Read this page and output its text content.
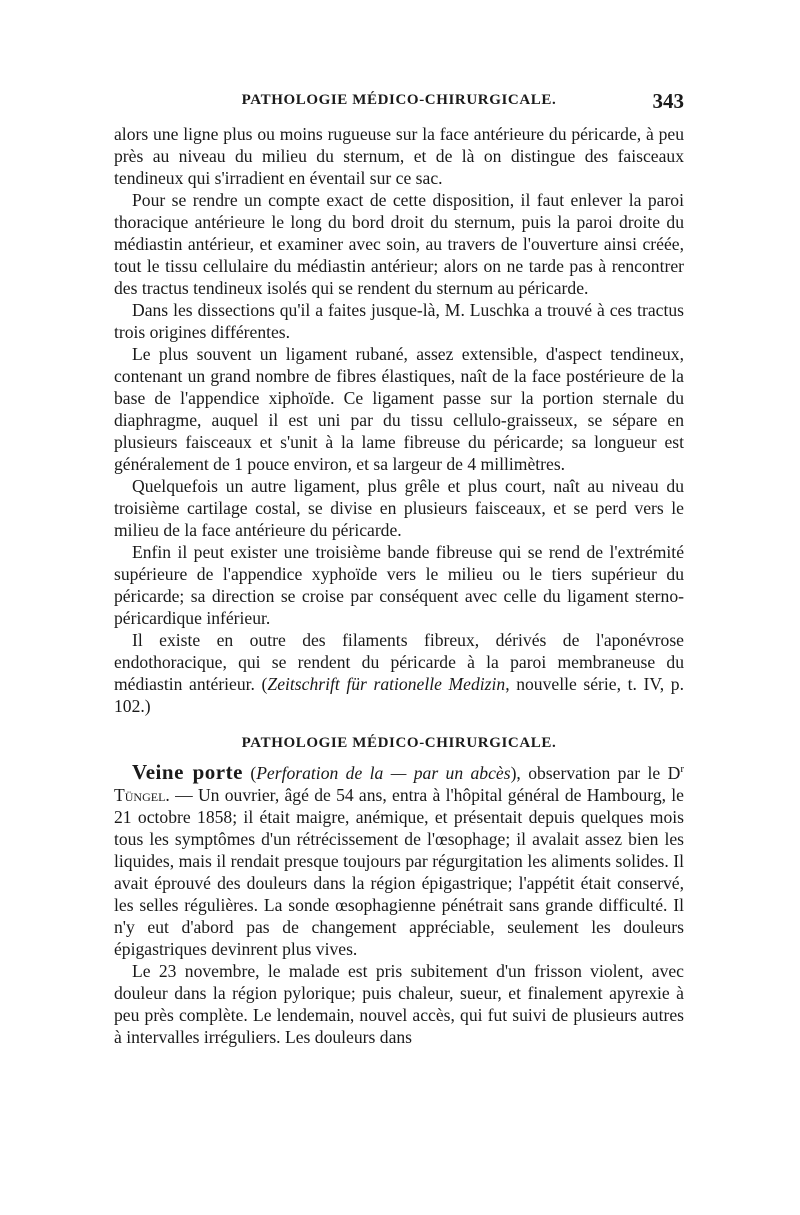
PATHOLOGIE MÉDICO-CHIRURGICALE.	343

alors une ligne plus ou moins rugueuse sur la face antérieure du péricarde, à peu près au niveau du milieu du sternum, et de là on distingue des faisceaux tendineux qui s'irradient en éventail sur ce sac.

Pour se rendre un compte exact de cette disposition, il faut enlever la paroi thoracique antérieure le long du bord droit du sternum, puis la paroi droite du médiastin antérieur, et examiner avec soin, au travers de l'ouverture ainsi créée, tout le tissu cellulaire du médiastin antérieur; alors on ne tarde pas à rencontrer des tractus tendineux isolés qui se rendent du sternum au péricarde.

Dans les dissections qu'il a faites jusque-là, M. Luschka a trouvé à ces tractus trois origines différentes.

Le plus souvent un ligament rubané, assez extensible, d'aspect tendineux, contenant un grand nombre de fibres élastiques, naît de la face postérieure de la base de l'appendice xiphoïde. Ce ligament passe sur la portion sternale du diaphragme, auquel il est uni par du tissu cellulo-graisseux, se sépare en plusieurs faisceaux et s'unit à la lame fibreuse du péricarde; sa longueur est généralement de 1 pouce environ, et sa largeur de 4 millimètres.

Quelquefois un autre ligament, plus grêle et plus court, naît au niveau du troisième cartilage costal, se divise en plusieurs faisceaux, et se perd vers le milieu de la face antérieure du péricarde.

Enfin il peut exister une troisième bande fibreuse qui se rend de l'extrémité supérieure de l'appendice xyphoïde vers le milieu ou le tiers supérieur du péricarde; sa direction se croise par conséquent avec celle du ligament sterno-péricardique inférieur.

Il existe en outre des filaments fibreux, dérivés de l'aponévrose endothoracique, qui se rendent du péricarde à la paroi membraneuse du médiastin antérieur. (Zeitschrift für rationelle Medizin, nouvelle série, t. IV, p. 102.)

PATHOLOGIE MÉDICO-CHIRURGICALE.

Veine porte (Perforation de la — par un abcès), observation par le $D^r$ Tüngel. — Un ouvrier, âgé de 54 ans, entra à l'hôpital général de Hambourg, le 21 octobre 1858; il était maigre, anémique, et présentait depuis quelques mois tous les symptômes d'un rétrécissement de l'œsophage; il avalait assez bien les liquides, mais il rendait presque toujours par régurgitation les aliments solides. Il avait éprouvé des douleurs dans la région épigastrique; l'appétit était conservé, les selles régulières. La sonde œsophagienne pénétrait sans grande difficulté. Il n'y eut d'abord pas de changement appréciable, seulement les douleurs épigastriques devinrent plus vives.

Le 23 novembre, le malade est pris subitement d'un frisson violent, avec douleur dans la région pylorique; puis chaleur, sueur, et finalement apyrexie à peu près complète. Le lendemain, nouvel accès, qui fut suivi de plusieurs autres à intervalles irréguliers. Les douleurs dans
